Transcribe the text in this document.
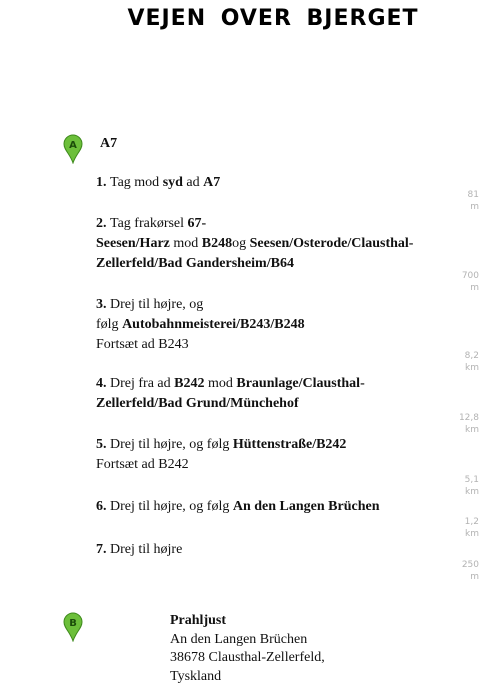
VEJEN OVER BJERGET
A A7
1. Tag mod syd ad A7
2. Tag frakørsel 67-
Seesen/Harz mod B248og Seesen/Osterode/Clausthal-
Zellerfeld/Bad Gandersheim/B64
3. Drej til højre, og
følg Autobahnmeisterei/B243/B248
Fortsæt ad B243
4. Drej fra ad B242 mod Braunlage/Clausthal-
Zellerfeld/Bad Grund/Münchehof
5. Drej til højre, og følg Hüttenstraße/B242
Fortsæt ad B242
6. Drej til højre, og følg An den Langen Brüchen
7. Drej til højre
81
m
700
m
8,2
km
12,8
km
5,1
km
1,2
km
250
m
B	Prahljust
An den Langen Brüchen
38678 Clausthal-Zellerfeld,
Tyskland
